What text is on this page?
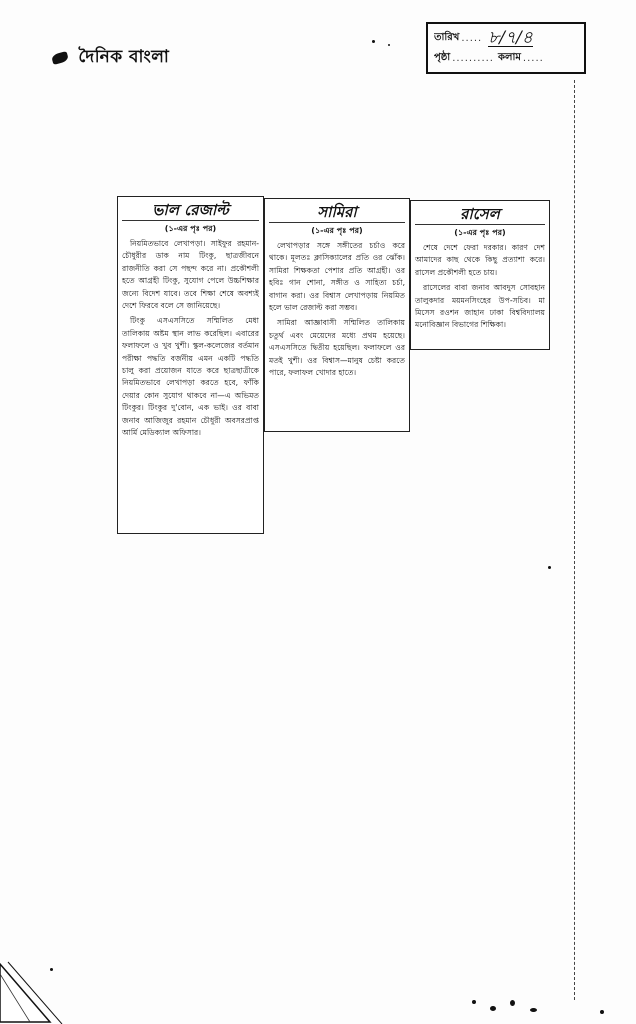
দৈনিক বাংলা
তারিখ ..... ৮/৭/৪
পৃষ্ঠা .......... কলাম .....
ভাল রেজাল্ট
(১-এর পৃঃ পর)

নিয়মিতভাবে লেখাপড়া। সাইফুর রহমান-চৌধুরীর ডাক নাম টিংকু, ছাত্রজীবনে রাজনীতি করা সে পছন্দ করে না। প্রকৌশলী হতে আগ্রহী টিংকু, সুযোগ পেলে উচ্চশিক্ষার জন্যে বিদেশ যাবে। তবে শিক্ষা শেষে অবশ্যই দেশে ফিরবে বলে সে জানিয়েছে।

টিংকু এসএসসিতে সম্মিলিত মেধা তালিকায় অষ্টম স্থান লাভ করেছিল। এবারের ফলাফলে ও খুব খুশী। স্কুল-কলেজের বর্তমান পরীক্ষা পদ্ধতি বর্জনীয় এমন একটি পদ্ধতি চালু করা প্রয়োজন যাতে করে ছাত্রছাত্রীকে নিয়মিতভাবে লেখাপড়া করতে হবে, ফাঁকি দেয়ার কোন সুযোগ থাকবে না—এ অভিমত টিংকুর। টিংকুর দু'বোন, এক ভাই। ওর বাবা জনাব আজিজুর রহমান চৌধুরী অবসরপ্রাপ্ত আর্মি মেডিক্যাল অফিসার।

সামিরা
(১-এর পৃঃ পর)

লেখাপড়ার সঙ্গে সঙ্গীতের চর্চাও করে থাকে। মূলতঃ ক্লাসিক্যালের প্রতি ওর ঝোঁক। সামিরা শিক্ষকতা পেশার প্রতি আগ্রহী। ওর হবিঃ গান শোনা, সঙ্গীত ও সাহিত্য চর্চা, বাগান করা। ওর বিশ্বাস লেখাপড়ায় নিয়মিত হলে ভাল রেজাল্ট করা সম্ভব।

সামিরা আজ্ঞাবাসী সম্মিলিত তালিকায় চতুর্থ এবং মেয়েদের মধ্যে প্রথম হয়েছে। এসএসসিতে দ্বিতীয় হয়েছিল। ফলাফলে ওর মতই খুশী। ওর বিশ্বাস—মানুষ চেষ্টা করতে পারে, ফলাফল খোদার হাতে।

রাসেল
(১-এর পৃঃ পর)

শেষে দেশে ফেরা দরকার। কারণ দেশ আমাদের কাছ থেকে কিছু প্রত্যাশা করে। রাসেল প্রকৌশলী হতে চায়।

রাসেলের বাবা জনাব আবদুস সোবহান তালুকদার ময়মনসিংহের উপ-সচিব। মা মিসেস রওশন জাহান ঢাকা বিশ্ববিদ্যালয় মনোবিজ্ঞান বিভাগের শিক্ষিকা।
